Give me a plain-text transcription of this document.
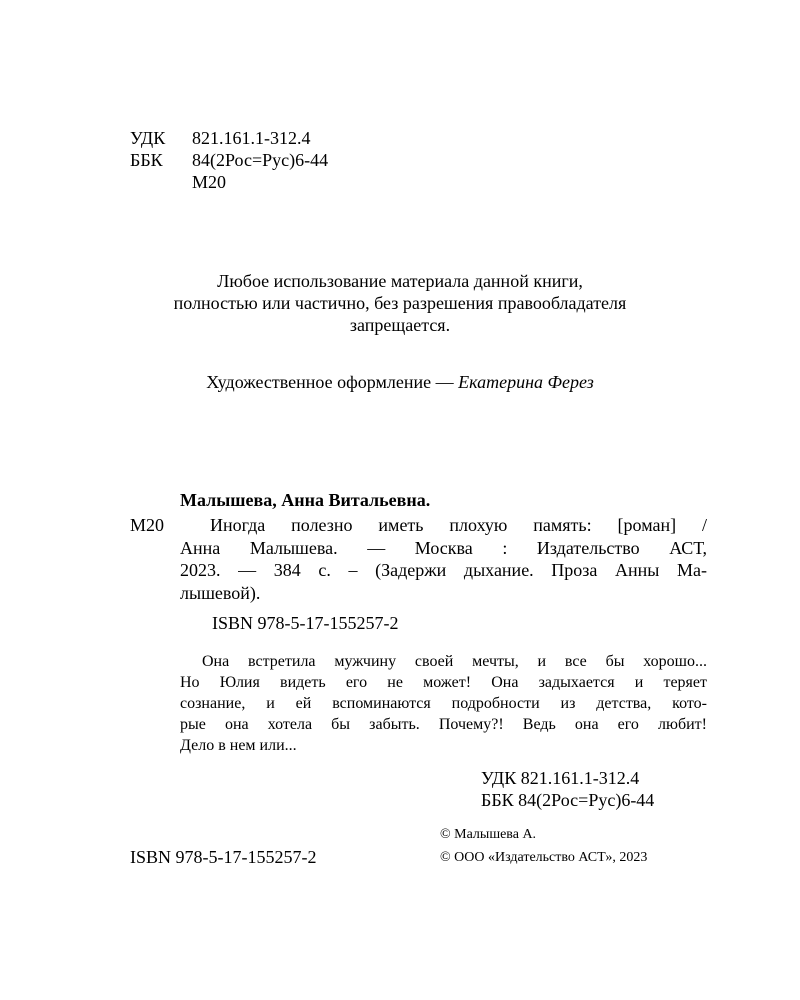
УДК	821.161.1-312.4
ББК	84(2Рос=Рус)6-44
М20
Любое использование материала данной книги,
полностью или частично, без разрешения правообладателя
запрещается.
Художественное оформление — Екатерина Ферез
Малышева, Анна Витальевна.
М20	Иногда полезно иметь плохую память: [роман] /
Анна Малышева. — Москва : Издательство АСТ,
2023. — 384 с. – (Задержи дыхание. Проза Анны Ма-
лышевой).
ISBN 978-5-17-155257-2
Она встретила мужчину своей мечты, и все бы хорошо...
Но Юлия видеть его не может! Она задыхается и теряет
сознание, и ей вспоминаются подробности из детства, кото-
рые она хотела бы забыть. Почему?! Ведь она его любит!
Дело в нем или...
УДК 821.161.1-312.4
ББК 84(2Рос=Рус)6-44
© Малышева А.
© ООО «Издательство АСТ», 2023
ISBN 978-5-17-155257-2
